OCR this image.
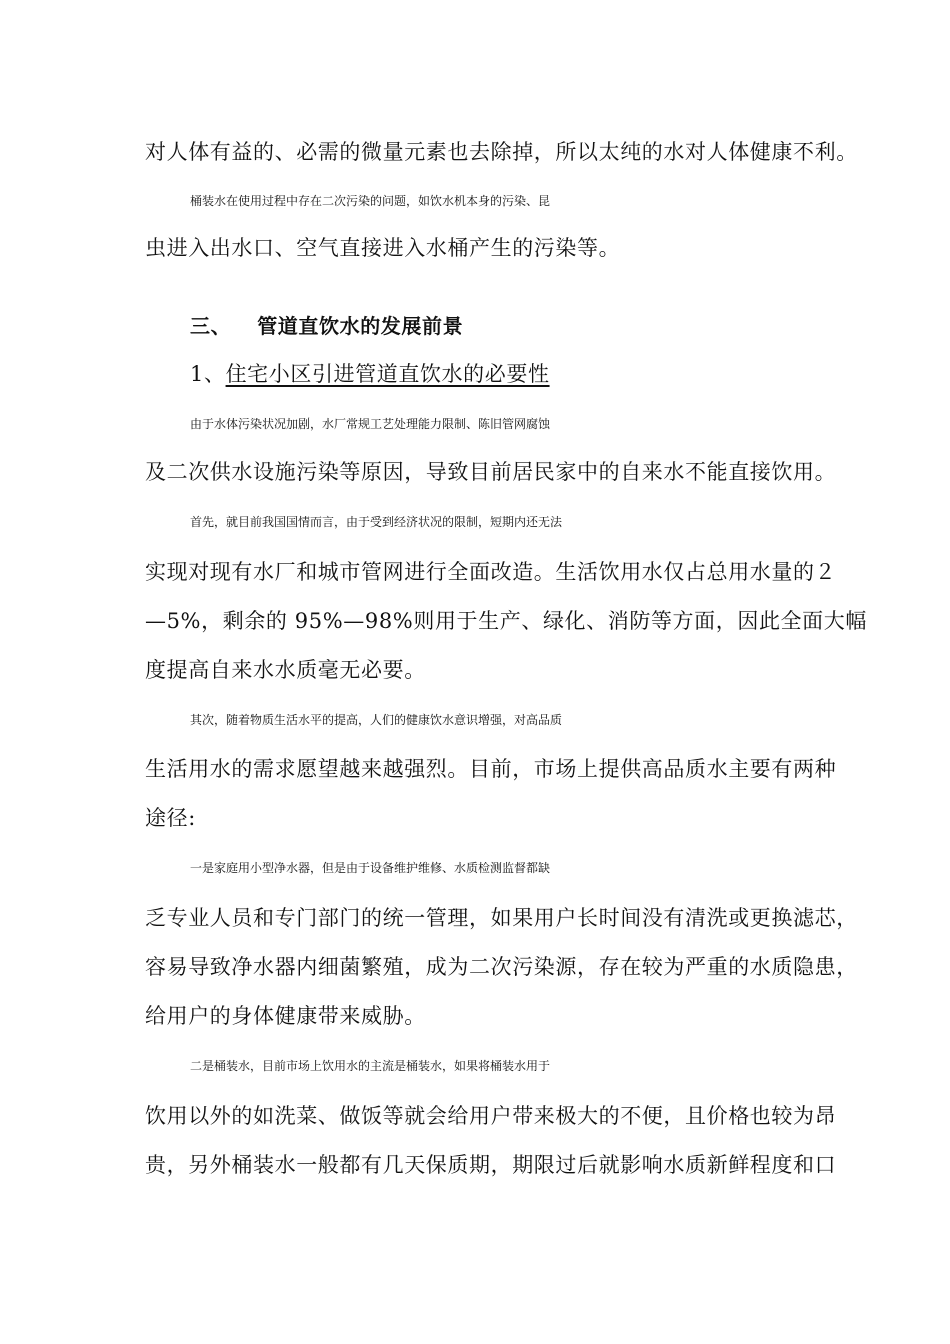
对人体有益的、必需的微量元素也去除掉，所以太纯的水对人体健康不利。
桶装水在使用过程中存在二次污染的问题，如饮水机本身的污染、昆
虫进入出水口、空气直接进入水桶产生的污染等。
三、 管道直饮水的发展前景
1、住宅小区引进管道直饮水的必要性
由于水体污染状况加剧，水厂常规工艺处理能力限制、陈旧管网腐蚀
及二次供水设施污染等原因，导致目前居民家中的自来水不能直接饮用。
首先，就目前我国国情而言，由于受到经济状况的限制，短期内还无法
实现对现有水厂和城市管网进行全面改造。生活饮用水仅占总用水量的２
—5%，剩余的 95%—98%则用于生产、绿化、消防等方面，因此全面大幅
度提高自来水水质毫无必要。
其次，随着物质生活水平的提高，人们的健康饮水意识增强，对高品质
生活用水的需求愿望越来越强烈。目前，市场上提供高品质水主要有两种
途径:
一是家庭用小型净水器，但是由于设备维护维修、水质检测监督都缺
乏专业人员和专门部门的统一管理，如果用户长时间没有清洗或更换滤芯，
容易导致净水器内细菌繁殖，成为二次污染源，存在较为严重的水质隐患，
给用户的身体健康带来威胁。
二是桶装水，目前市场上饮用水的主流是桶装水，如果将桶装水用于
饮用以外的如洗菜、做饭等就会给用户带来极大的不便，且价格也较为昂
贵，另外桶装水一般都有几天保质期，期限过后就影响水质新鲜程度和口
